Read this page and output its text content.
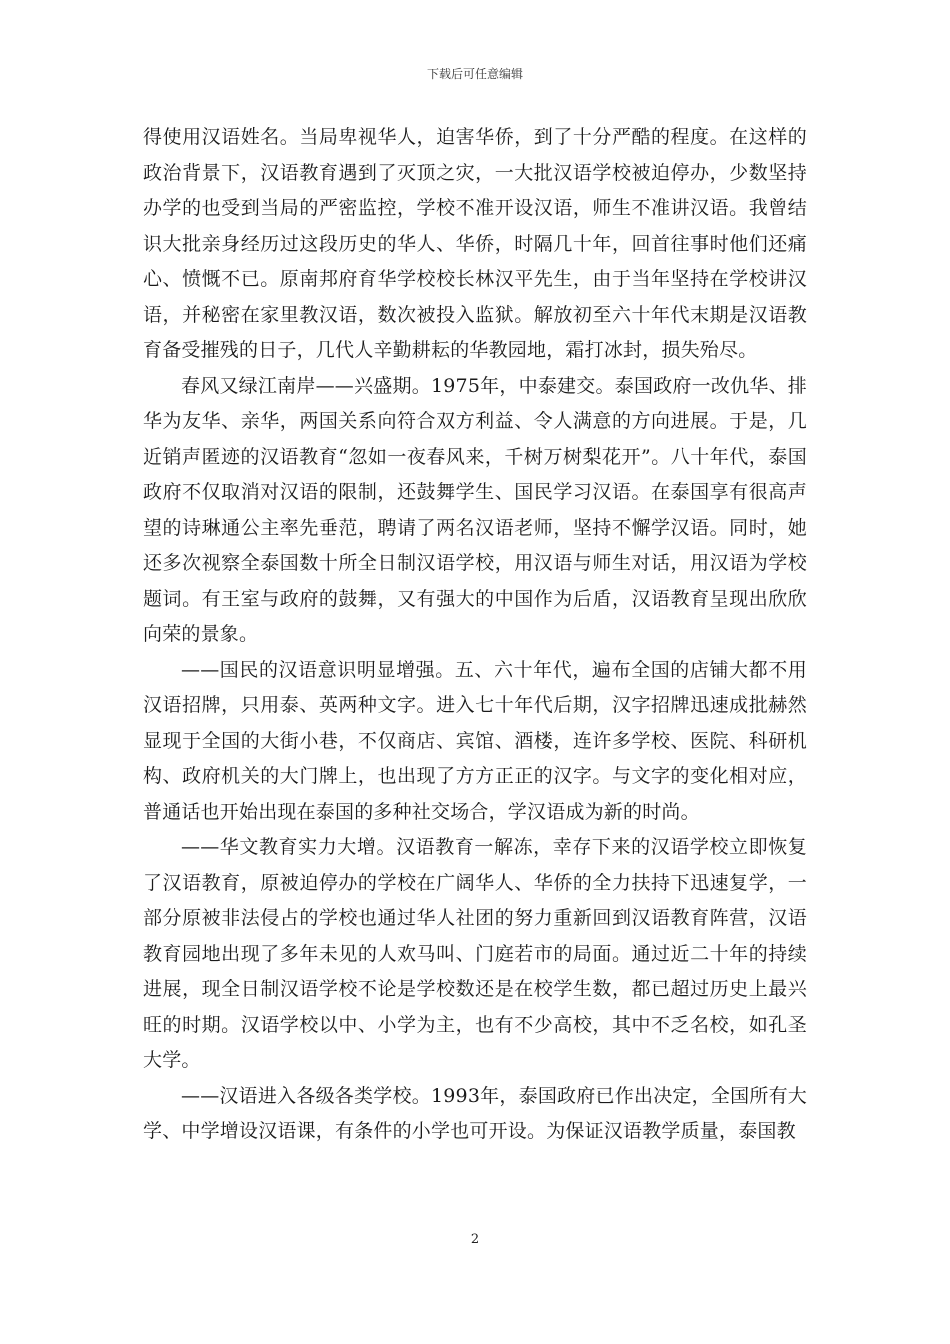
下载后可任意编辑

得使用汉语姓名。当局卑视华人，迫害华侨，到了十分严酷的程度。在这样的政治背景下，汉语教育遇到了灭顶之灾，一大批汉语学校被迫停办，少数坚持办学的也受到当局的严密监控，学校不准开设汉语，师生不准讲汉语。我曾结识大批亲身经历过这段历史的华人、华侨，时隔几十年，回首往事时他们还痛心、愤慨不已。原南邦府育华学校校长林汉平先生，由于当年坚持在学校讲汉语，并秘密在家里教汉语，数次被投入监狱。解放初至六十年代末期是汉语教育备受摧残的日子，几代人辛勤耕耘的华教园地，霜打冰封，损失殆尽。

春风又绿江南岸——兴盛期。1975年，中泰建交。泰国政府一改仇华、排华为友华、亲华，两国关系向符合双方利益、令人满意的方向进展。于是，几近销声匿迹的汉语教育“忽如一夜春风来，千树万树梨花开”。八十年代，泰国政府不仅取消对汉语的限制，还鼓舞学生、国民学习汉语。在泰国享有很高声望的诗琳通公主率先垂范，聘请了两名汉语老师，坚持不懈学汉语。同时，她还多次视察全泰国数十所全日制汉语学校，用汉语与师生对话，用汉语为学校题词。有王室与政府的鼓舞，又有强大的中国作为后盾，汉语教育呈现出欣欣向荣的景象。

——国民的汉语意识明显增强。五、六十年代，遍布全国的店铺大都不用汉语招牌，只用泰、英两种文字。进入七十年代后期，汉字招牌迅速成批赫然显现于全国的大街小巷，不仅商店、宾馆、酒楼，连许多学校、医院、科研机构、政府机关的大门牌上，也出现了方方正正的汉字。与文字的变化相对应，普通话也开始出现在泰国的多种社交场合，学汉语成为新的时尚。

——华文教育实力大增。汉语教育一解冻，幸存下来的汉语学校立即恢复了汉语教育，原被迫停办的学校在广阔华人、华侨的全力扶持下迅速复学，一部分原被非法侵占的学校也通过华人社团的努力重新回到汉语教育阵营，汉语教育园地出现了多年未见的人欢马叫、门庭若市的局面。通过近二十年的持续进展，现全日制汉语学校不论是学校数还是在校学生数，都已超过历史上最兴旺的时期。汉语学校以中、小学为主，也有不少高校，其中不乏名校，如孔圣大学。

——汉语进入各级各类学校。1993年，泰国政府已作出决定，全国所有大学、中学增设汉语课，有条件的小学也可开设。为保证汉语教学质量，泰国教

2
